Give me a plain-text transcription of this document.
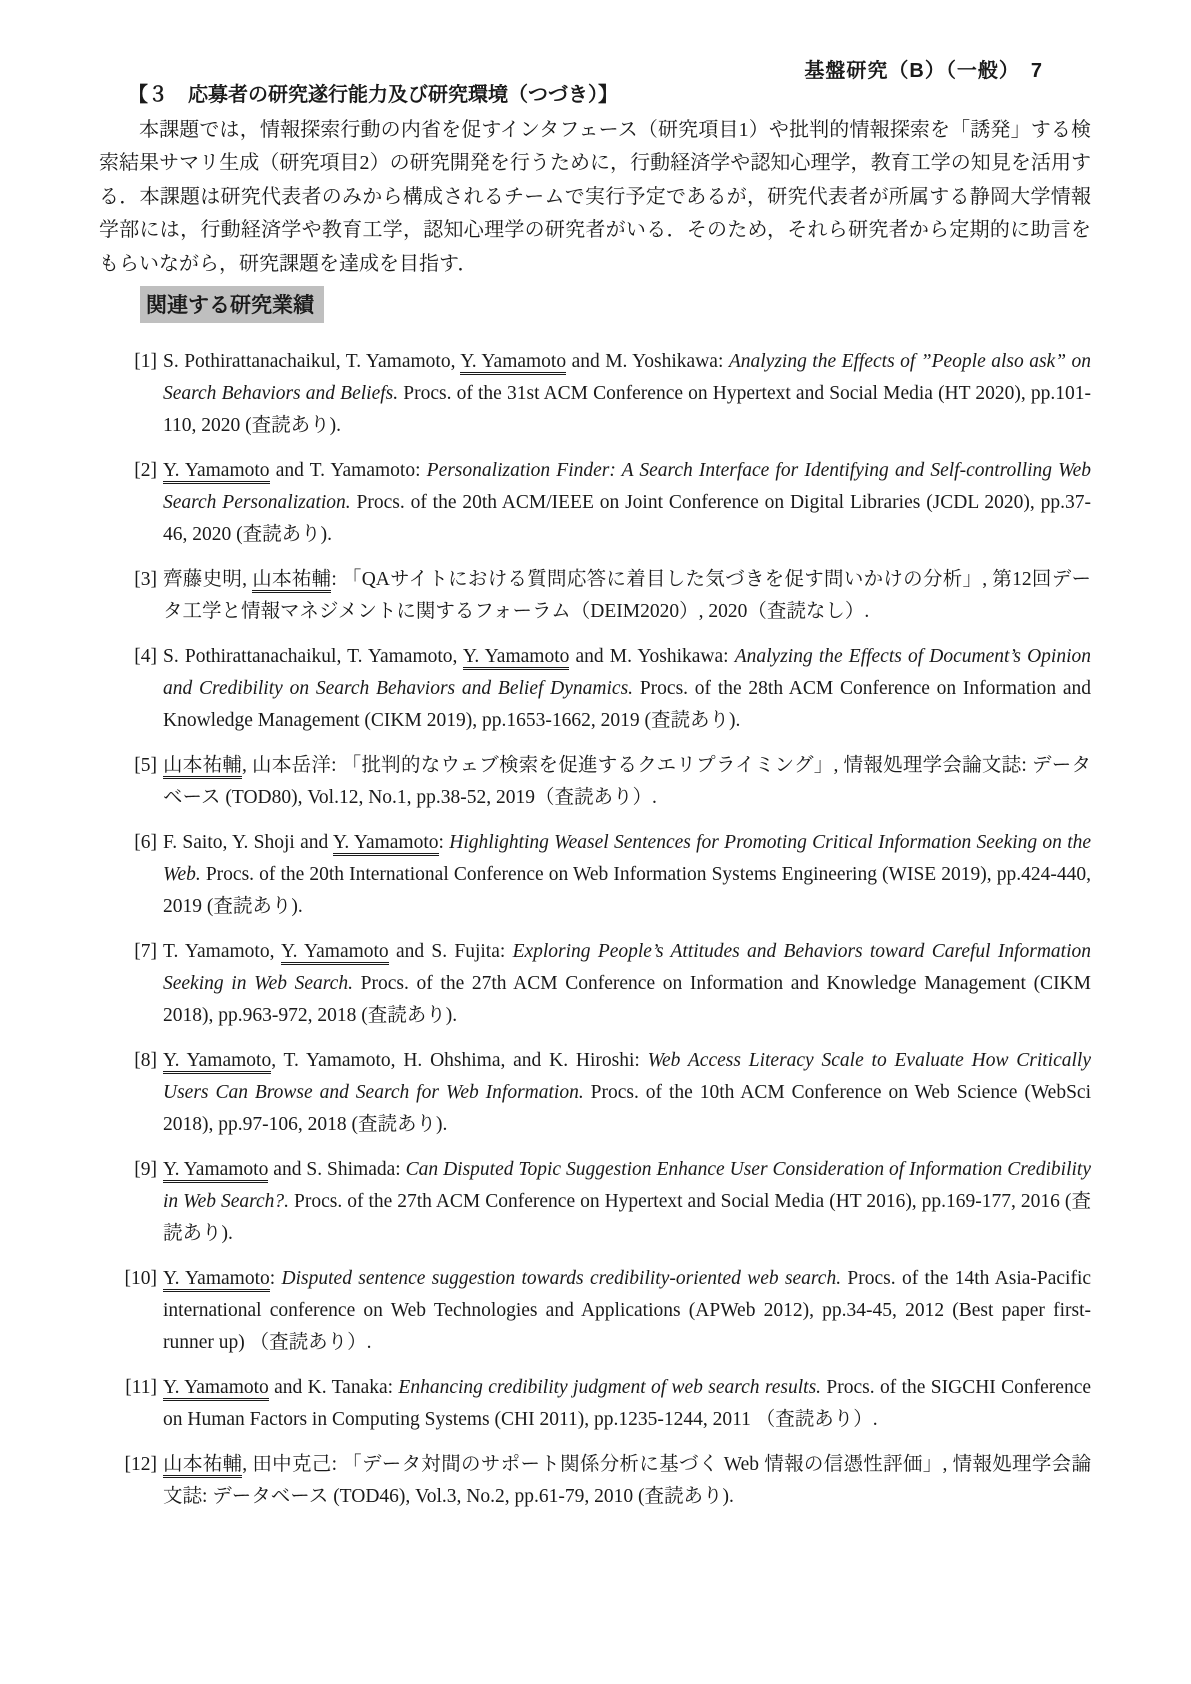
基盤研究（B）（一般）　7
【３　応募者の研究遂行能力及び研究環境（つづき）】
本課題では，情報探索行動の内省を促すインタフェース（研究項目1）や批判的情報探索を「誘発」する検索結果サマリ生成（研究項目2）の研究開発を行うために，行動経済学や認知心理学，教育工学の知見を活用する．本課題は研究代表者のみから構成されるチームで実行予定であるが，研究代表者が所属する静岡大学情報学部には，行動経済学や教育工学，認知心理学の研究者がいる．そのため，それら研究者から定期的に助言をもらいながら，研究課題を達成を目指す．
関連する研究業績
[1] S. Pothirattanachaikul, T. Yamamoto, Y. Yamamoto and M. Yoshikawa: Analyzing the Effects of ”People also ask” on Search Behaviors and Beliefs. Procs. of the 31st ACM Conference on Hypertext and Social Media (HT 2020), pp.101-110, 2020 (査読あり).
[2] Y. Yamamoto and T. Yamamoto: Personalization Finder: A Search Interface for Identifying and Self-controlling Web Search Personalization. Procs. of the 20th ACM/IEEE on Joint Conference on Digital Libraries (JCDL 2020), pp.37-46, 2020 (査読あり).
[3] 齊藤史明, 山本祐輔: 「QAサイトにおける質問応答に着目した気づきを促す問いかけの分析」, 第12回データ工学と情報マネジメントに関するフォーラム（DEIM2020）, 2020（査読なし）.
[4] S. Pothirattanachaikul, T. Yamamoto, Y. Yamamoto and M. Yoshikawa: Analyzing the Effects of Document’s Opinion and Credibility on Search Behaviors and Belief Dynamics. Procs. of the 28th ACM Conference on Information and Knowledge Management (CIKM 2019), pp.1653-1662, 2019 (査読あり).
[5] 山本祐輔, 山本岳洋: 「批判的なウェブ検索を促進するクエリプライミング」, 情報処理学会論文誌: データベース (TOD80), Vol.12, No.1, pp.38-52, 2019（査読あり）.
[6] F. Saito, Y. Shoji and Y. Yamamoto: Highlighting Weasel Sentences for Promoting Critical Information Seeking on the Web. Procs. of the 20th International Conference on Web Information Systems Engineering (WISE 2019), pp.424-440, 2019 (査読あり).
[7] T. Yamamoto, Y. Yamamoto and S. Fujita: Exploring People’s Attitudes and Behaviors toward Careful Information Seeking in Web Search. Procs. of the 27th ACM Conference on Information and Knowledge Management (CIKM 2018), pp.963-972, 2018 (査読あり).
[8] Y. Yamamoto, T. Yamamoto, H. Ohshima, and K. Hiroshi: Web Access Literacy Scale to Evaluate How Critically Users Can Browse and Search for Web Information. Procs. of the 10th ACM Conference on Web Science (WebSci 2018), pp.97-106, 2018 (査読あり).
[9] Y. Yamamoto and S. Shimada: Can Disputed Topic Suggestion Enhance User Consideration of Information Credibility in Web Search?. Procs. of the 27th ACM Conference on Hypertext and Social Media (HT 2016), pp.169-177, 2016 (査読あり).
[10] Y. Yamamoto: Disputed sentence suggestion towards credibility-oriented web search. Procs. of the 14th Asia-Pacific international conference on Web Technologies and Applications (APWeb 2012), pp.34-45, 2012 (Best paper first-runner up) （査読あり）.
[11] Y. Yamamoto and K. Tanaka: Enhancing credibility judgment of web search results. Procs. of the SIGCHI Conference on Human Factors in Computing Systems (CHI 2011), pp.1235-1244, 2011 （査読あり）.
[12] 山本祐輔, 田中克己: 「データ対間のサポート関係分析に基づく Web 情報の信憑性評価」, 情報処理学会論文誌: データベース (TOD46), Vol.3, No.2, pp.61-79, 2010 (査読あり).
